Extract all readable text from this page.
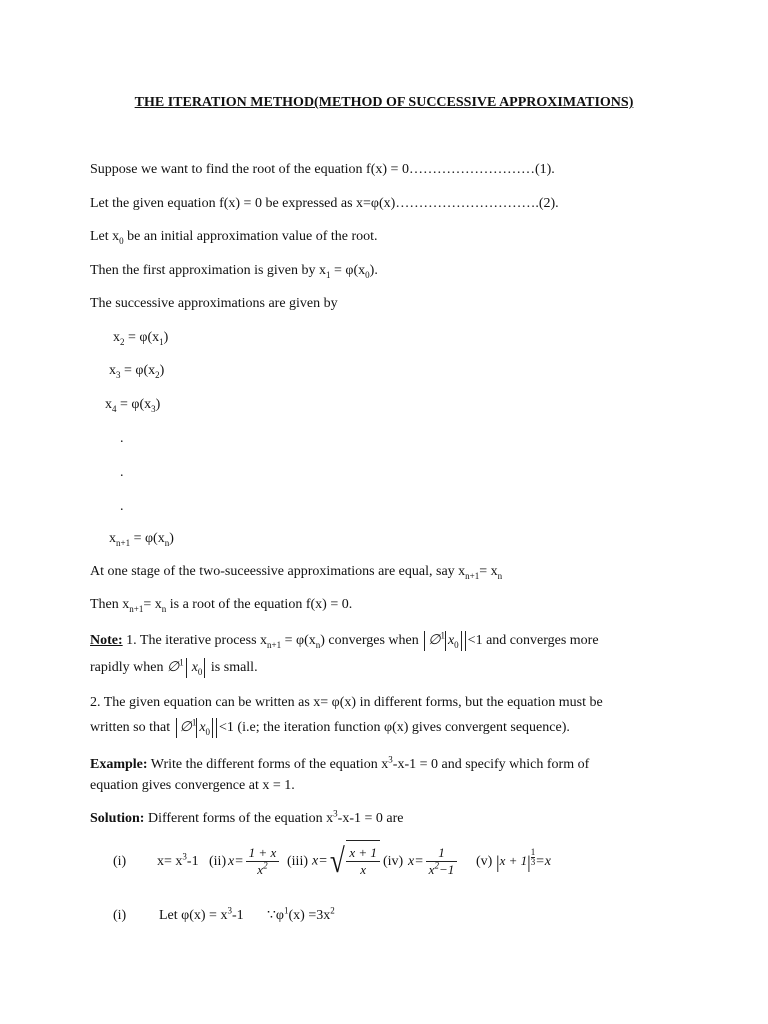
THE ITERATION METHOD(METHOD OF SUCCESSIVE APPROXIMATIONS)
Suppose we want to find the root of the equation f(x) = 0………………………(1).
Let the given equation f(x) = 0 be expressed as x=φ(x)………………………….(2).
Let $x_0$ be an initial approximation value of the root.
Then the first approximation is given by $x_1 = \varphi(x_0)$.
The successive approximations are given by
$x_2 = \varphi(x_1)$
$x_3 = \varphi(x_2)$
$x_4 = \varphi(x_3)$
.
.
.
$x_{n+1} = \varphi(x_n)$
At one stage of the two-suceessive approximations are equal, say $x_{n+1}= x_n$
Then $x_{n+1}= x_n$ is a root of the equation f(x) = 0.
Note: 1. The iterative process $x_{n+1} = \varphi(x_n)$ converges when ∅$^1$ $x_0 <1$ and converges more
rapidly when ∅$^1$ $x_0$ is small.
2. The given equation can be written as x= φ(x) in different forms, but the equation must be
written so that ∅$^1$ $x_0 <1$ (i.e; the iteration function φ(x) gives convergent sequence).
Example: Write the different forms of the equation $x^3-x-1 = 0$ and specify which form of
equation gives convergence at x = 1.
Solution: Different forms of the equation $x^3-x-1 = 0$ are
(i) $x= x^3-1$ (ii) $x= \frac{1 + x}{x^2} (iii)$ $x=√ \frac{x + 1}{x} (iv)$ $x= \frac{1}{x^2-1} (v) |x + 1| \frac{1}{3} =x$
(i) Let $\varphi(x) = x^3-1$ $\because\varphi^1(x) =3x^2$
